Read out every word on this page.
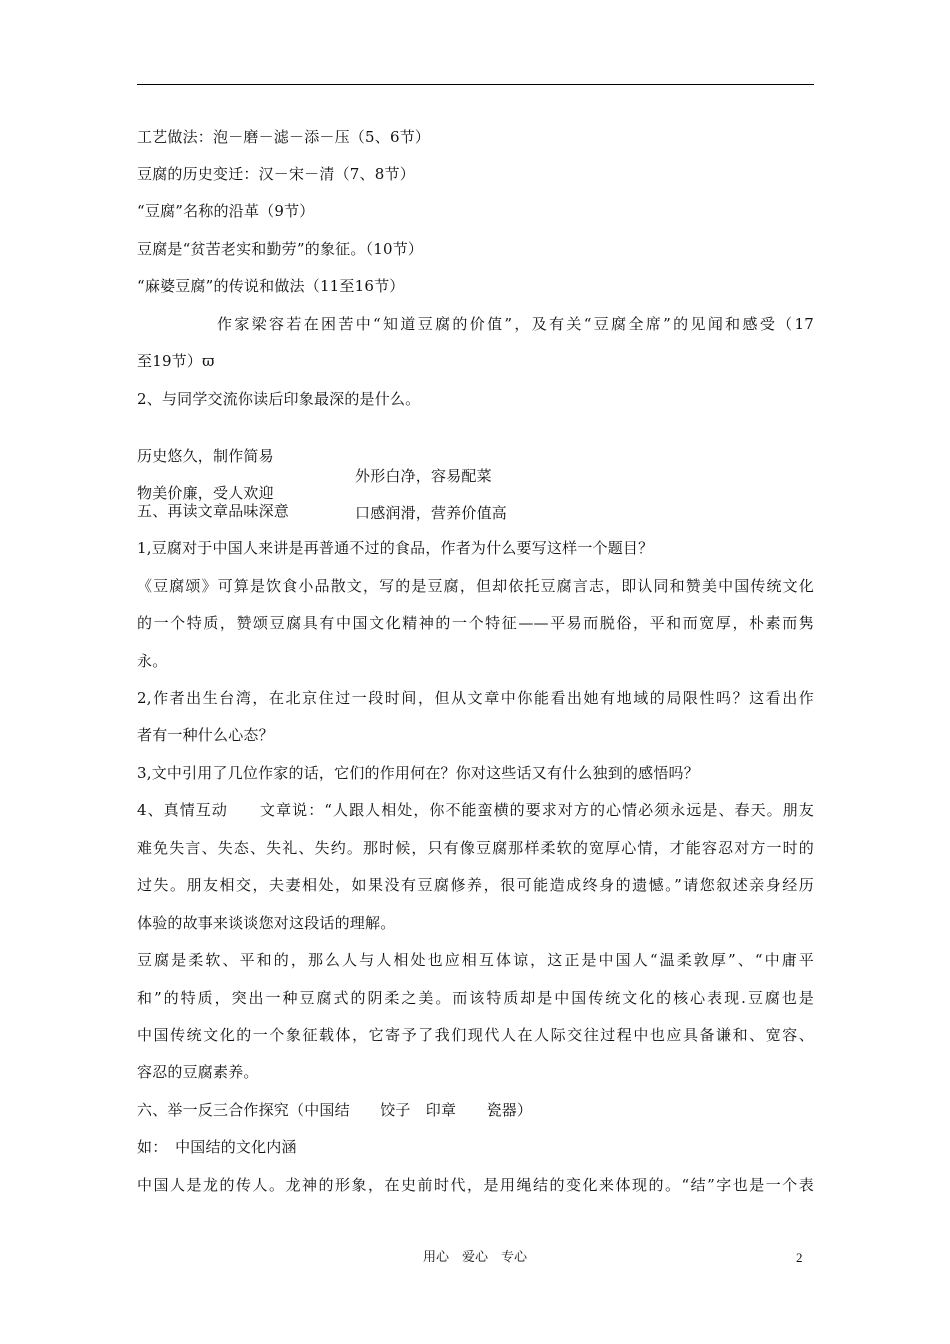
工艺做法：泡－磨－滤－添－压（5、6节）
豆腐的历史变迁：汉－宋－清（7、8节）
“豆腐”名称的沿革（9节）
豆腐是“贫苦老实和勤劳”的象征。（10节）
“麻婆豆腐”的传说和做法（11至16节）
作家梁容若在困苦中“知道豆腐的价值”，及有关“豆腐全席”的见闻和感受（17
至19节）ϖ
2、与同学交流你读后印象最深的是什么。

历史悠久，制作简易

外形白净，容易配菜

物美价廉，受人欢迎

口感润滑，营养价值高

五、再读文章品味深意
1,豆腐对于中国人来讲是再普通不过的食品，作者为什么要写这样一个题目？
《豆腐颂》可算是饮食小品散文，写的是豆腐，但却依托豆腐言志，即认同和赞美中国传统文化
的一个特质，赞颂豆腐具有中国文化精神的一个特征——平易而脱俗，平和而宽厚，朴素而隽
永。
2,作者出生台湾，在北京住过一段时间，但从文章中你能看出她有地域的局限性吗？这看出作
者有一种什么心态？
3,文中引用了几位作家的话，它们的作用何在？你对这些话又有什么独到的感悟吗？
4、真情互动　　文章说：“人跟人相处，你不能蛮横的要求对方的心情必须永远是、春天。朋友
难免失言、失态、失礼、失约。那时候，只有像豆腐那样柔软的宽厚心情，才能容忍对方一时的
过失。朋友相交，夫妻相处，如果没有豆腐修养，很可能造成终身的遗憾。”请您叙述亲身经历
体验的故事来谈谈您对这段话的理解。
豆腐是柔软、平和的，那么人与人相处也应相互体谅，这正是中国人“温柔敦厚”、“中庸平
和”的特质，突出一种豆腐式的阴柔之美。而该特质却是中国传统文化的核心表现.豆腐也是
中国传统文化的一个象征载体，它寄予了我们现代人在人际交往过程中也应具备谦和、宽容、
容忍的豆腐素养。
六、举一反三合作探究（中国结　　饺子　印章　　瓷器）
如：　中国结的文化内涵
中国人是龙的传人。龙神的形象，在史前时代，是用绳结的变化来体现的。“结”字也是一个表
用心　爱心　专心	2
